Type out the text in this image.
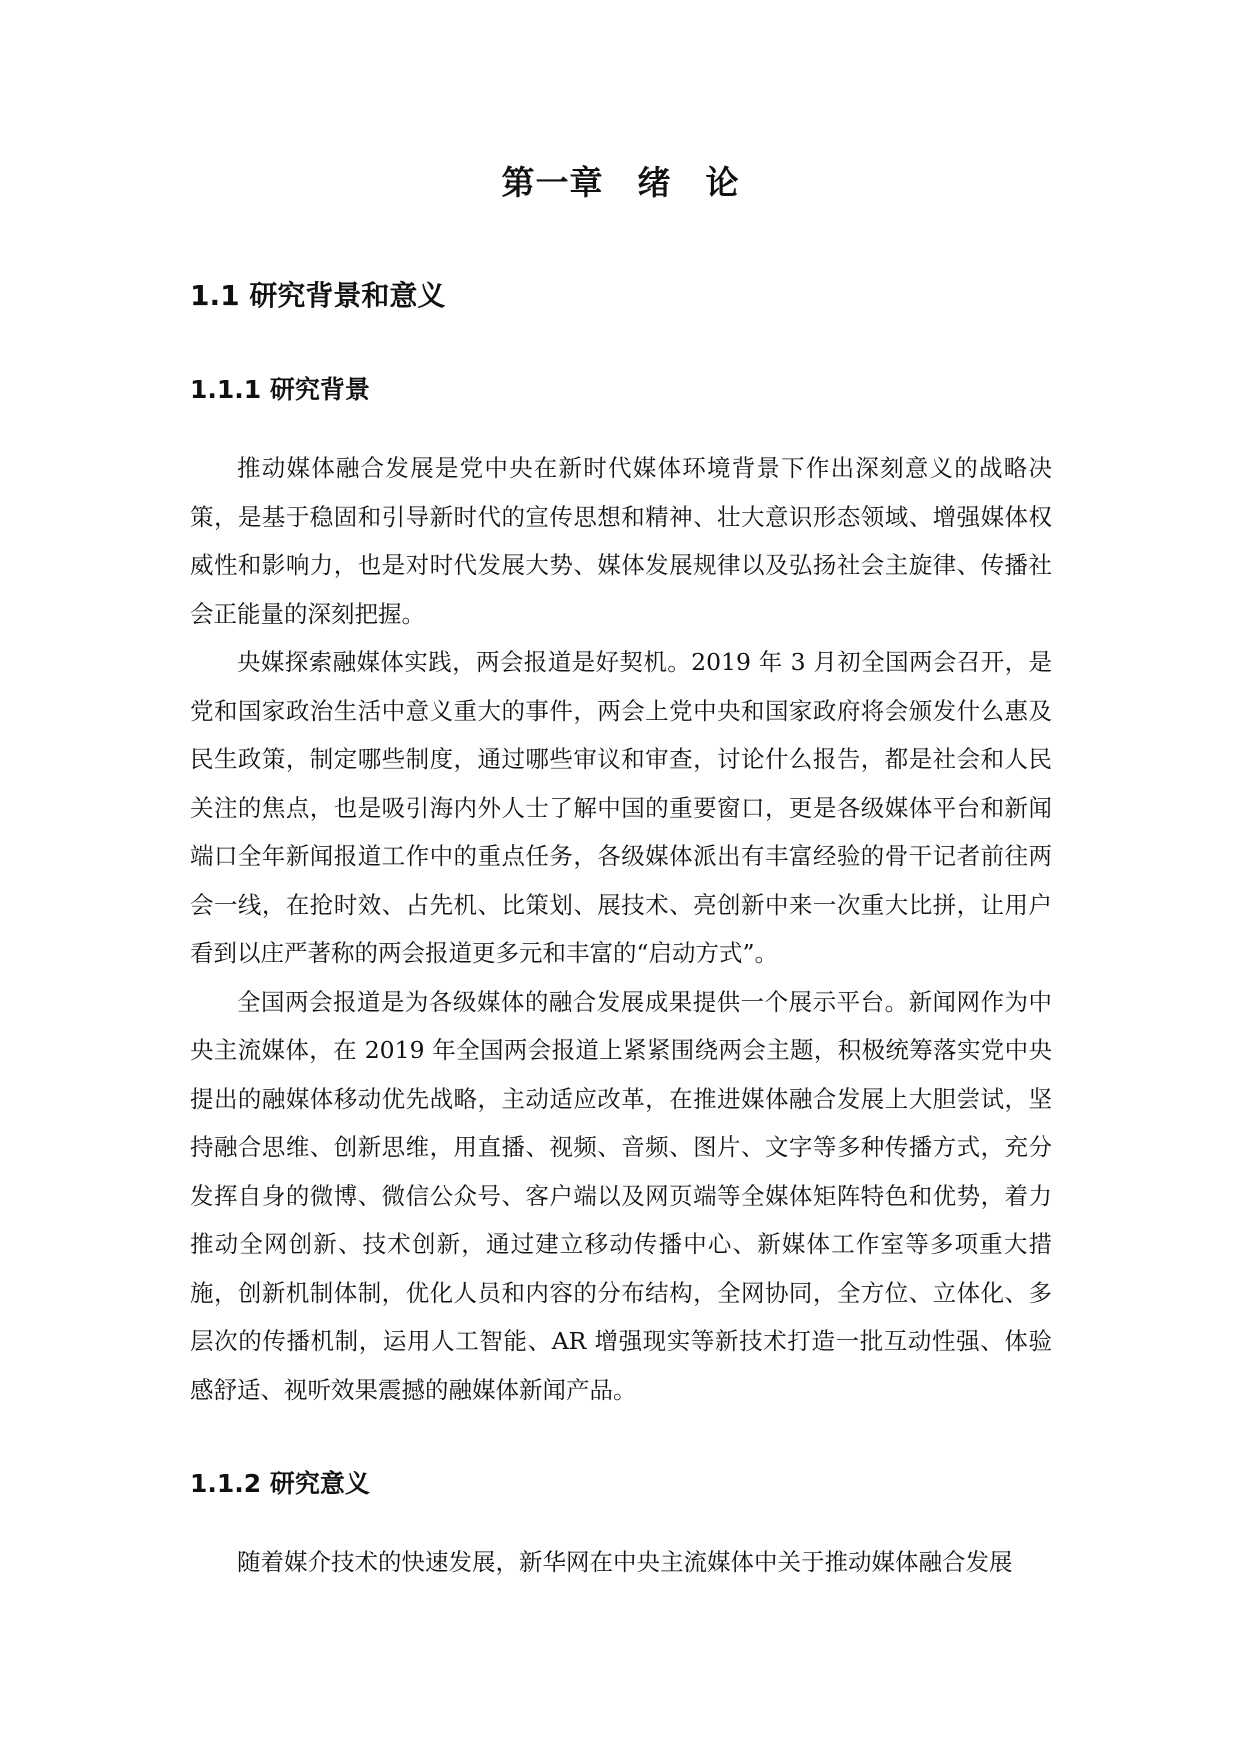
第一章　绪　论
1.1 研究背景和意义
1.1.1 研究背景

推动媒体融合发展是党中央在新时代媒体环境背景下作出深刻意义的战略决策，是基于稳固和引导新时代的宣传思想和精神、壮大意识形态领域、增强媒体权威性和影响力，也是对时代发展大势、媒体发展规律以及弘扬社会主旋律、传播社会正能量的深刻把握。

央媒探索融媒体实践，两会报道是好契机。2019 年 3 月初全国两会召开，是党和国家政治生活中意义重大的事件，两会上党中央和国家政府将会颁发什么惠及民生政策，制定哪些制度，通过哪些审议和审查，讨论什么报告，都是社会和人民关注的焦点，也是吸引海内外人士了解中国的重要窗口，更是各级媒体平台和新闻端口全年新闻报道工作中的重点任务，各级媒体派出有丰富经验的骨干记者前往两会一线，在抢时效、占先机、比策划、展技术、亮创新中来一次重大比拼，让用户看到以庄严著称的两会报道更多元和丰富的“启动方式”。

全国两会报道是为各级媒体的融合发展成果提供一个展示平台。新闻网作为中央主流媒体，在 2019 年全国两会报道上紧紧围绕两会主题，积极统筹落实党中央提出的融媒体移动优先战略，主动适应改革，在推进媒体融合发展上大胆尝试，坚持融合思维、创新思维，用直播、视频、音频、图片、文字等多种传播方式，充分发挥自身的微博、微信公众号、客户端以及网页端等全媒体矩阵特色和优势，着力推动全网创新、技术创新，通过建立移动传播中心、新媒体工作室等多项重大措施，创新机制体制，优化人员和内容的分布结构，全网协同，全方位、立体化、多层次的传播机制，运用人工智能、AR 增强现实等新技术打造一批互动性强、体验感舒适、视听效果震撼的融媒体新闻产品。

1.1.2 研究意义

随着媒介技术的快速发展，新华网在中央主流媒体中关于推动媒体融合发展
